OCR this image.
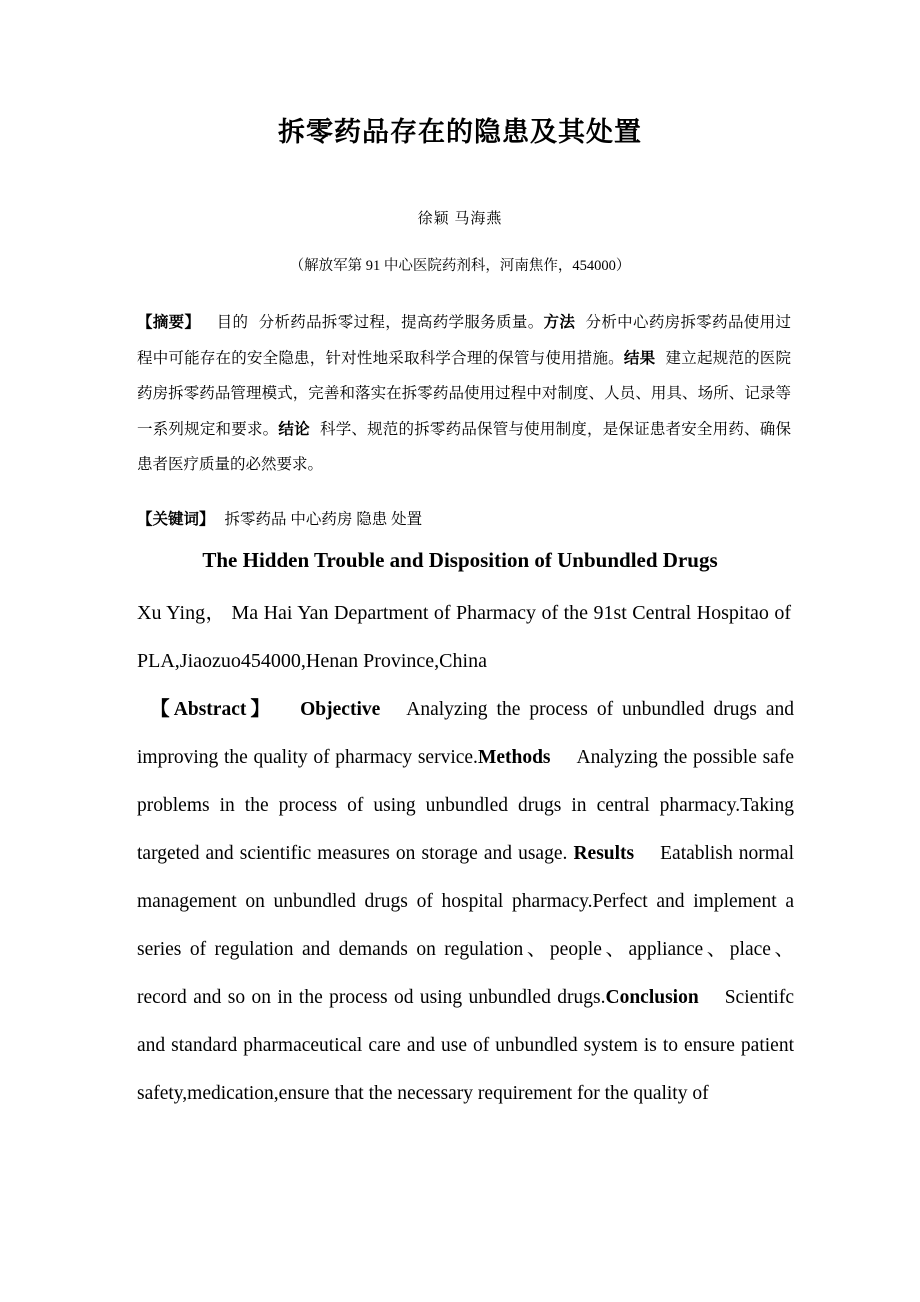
拆零药品存在的隐患及其处置
徐颖 马海燕
（解放军第 91 中心医院药剂科，河南焦作，454000）
【摘要】 目的 分析药品拆零过程，提高药学服务质量。方法 分析中心药房拆零药品使用过程中可能存在的安全隐患，针对性地采取科学合理的保管与使用措施。结果 建立起规范的医院药房拆零药品管理模式，完善和落实在拆零药品使用过程中对制度、人员、用具、场所、记录等一系列规定和要求。结论 科学、规范的拆零药品保管与使用制度，是保证患者安全用药、确保患者医疗质量的必然要求。
【关键词】 拆零药品 中心药房 隐患 处置
The Hidden Trouble and Disposition of Unbundled Drugs
Xu Ying， Ma Hai Yan Department of Pharmacy of the 91st Central Hospitao of PLA,Jiaozuo454000,Henan Province,China
【Abstract】 Objective Analyzing the process of unbundled drugs and improving the quality of pharmacy service.Methods Analyzing the possible safe problems in the process of using unbundled drugs in central pharmacy.Taking targeted and scientific measures on storage and usage. Results Eatablish normal management on unbundled drugs of hospital pharmacy.Perfect and implement a series of regulation and demands on regulation、people、appliance、place、record and so on in the process od using unbundled drugs.Conclusion Scientifc and standard pharmaceutical care and use of unbundled system is to ensure patient safety,medication,ensure that the necessary requirement for the quality of
